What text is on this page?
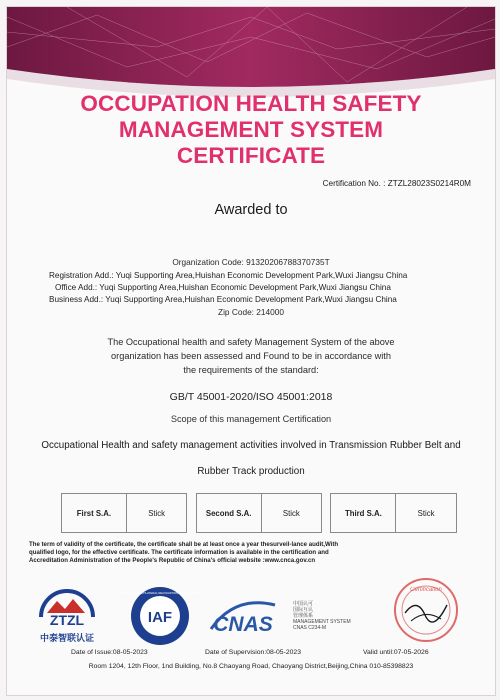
OCCUPATION HEALTH SAFETY
MANAGEMENT SYSTEM
CERTIFICATE
Certification No. : ZTZL28023S0214R0M
Awarded to
Organization Code: 91320206788370735T
Registration Add.: Yuqi Supporting Area,Huishan Economic Development Park,Wuxi Jiangsu China
Office Add.: Yuqi Supporting Area,Huishan Economic Development Park,Wuxi Jiangsu China
Business Add.: Yuqi Supporting Area,Huishan Economic Development Park,Wuxi Jiangsu China
Zip Code: 214000
The Occupational health and safety Management System of the above
organization has been assessed and Found to be in accordance with
the requirements of the standard:
GB/T 45001-2020/ISO 45001:2018
Scope of this management Certification
Occupational Health and safety management activities involved in Transmission Rubber Belt and
Rubber Track production
First S.A.	Stick		Second S.A.	Stick		Third S.A.	Stick
The term of validity of the certificate, the certificate shall be at least once a year thesurveil-lance audit,With
qualified logo, for the effective certificate. The certificate information is available in the certification and
Accreditation Administration of the People's Republic of China's official website :www.cnca.gov.cn
ZTZL
中泰智联认证
IAF
MEMBER OF MULTILATERAL RECOGNITION ARRANGEMENT
CNAS
中国认可
国际互认
管理体系
MANAGEMENT SYSTEM
CNAS C234-M
Certification
Date of Issue:08-05-2023	Date of Supervision:08-05-2023	Valid until:07-05-2026
Room 1204, 12th Floor, 1nd Building, No.8 Chaoyang Road, Chaoyang District,Beijing,China 010-85398823
